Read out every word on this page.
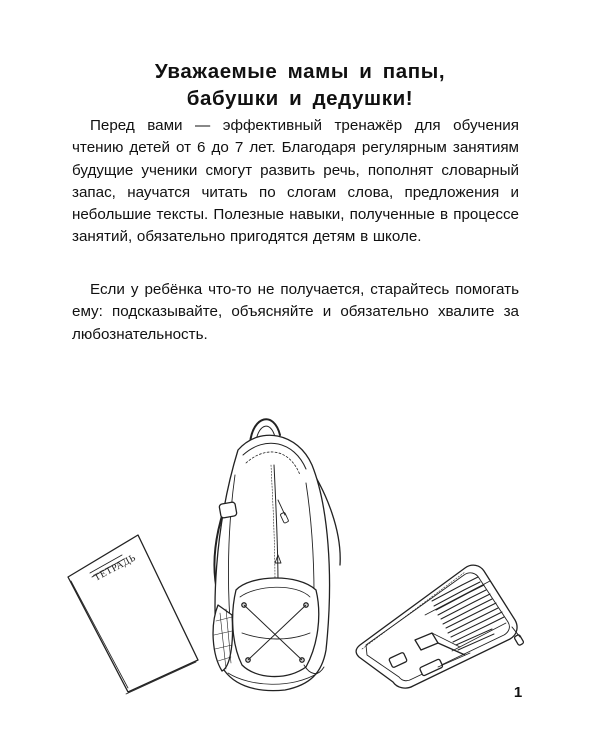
Уважаемые мамы и папы,
бабушки и дедушки!

Перед вами — эффективный тренажёр для обучения чтению детей от 6 до 7 лет. Благодаря регулярным занятиям будущие ученики смогут развить речь, пополнят словарный запас, научатся читать по слогам слова, предложения и небольшие тексты. Полезные навыки, полученные в процессе занятий, обязательно пригодятся детям в школе.

Если у ребёнка что-то не получается, старайтесь помогать ему: подсказывайте, объясняйте и обязательно хвалите за любознательность.

ТЕТРАДЬ
1
